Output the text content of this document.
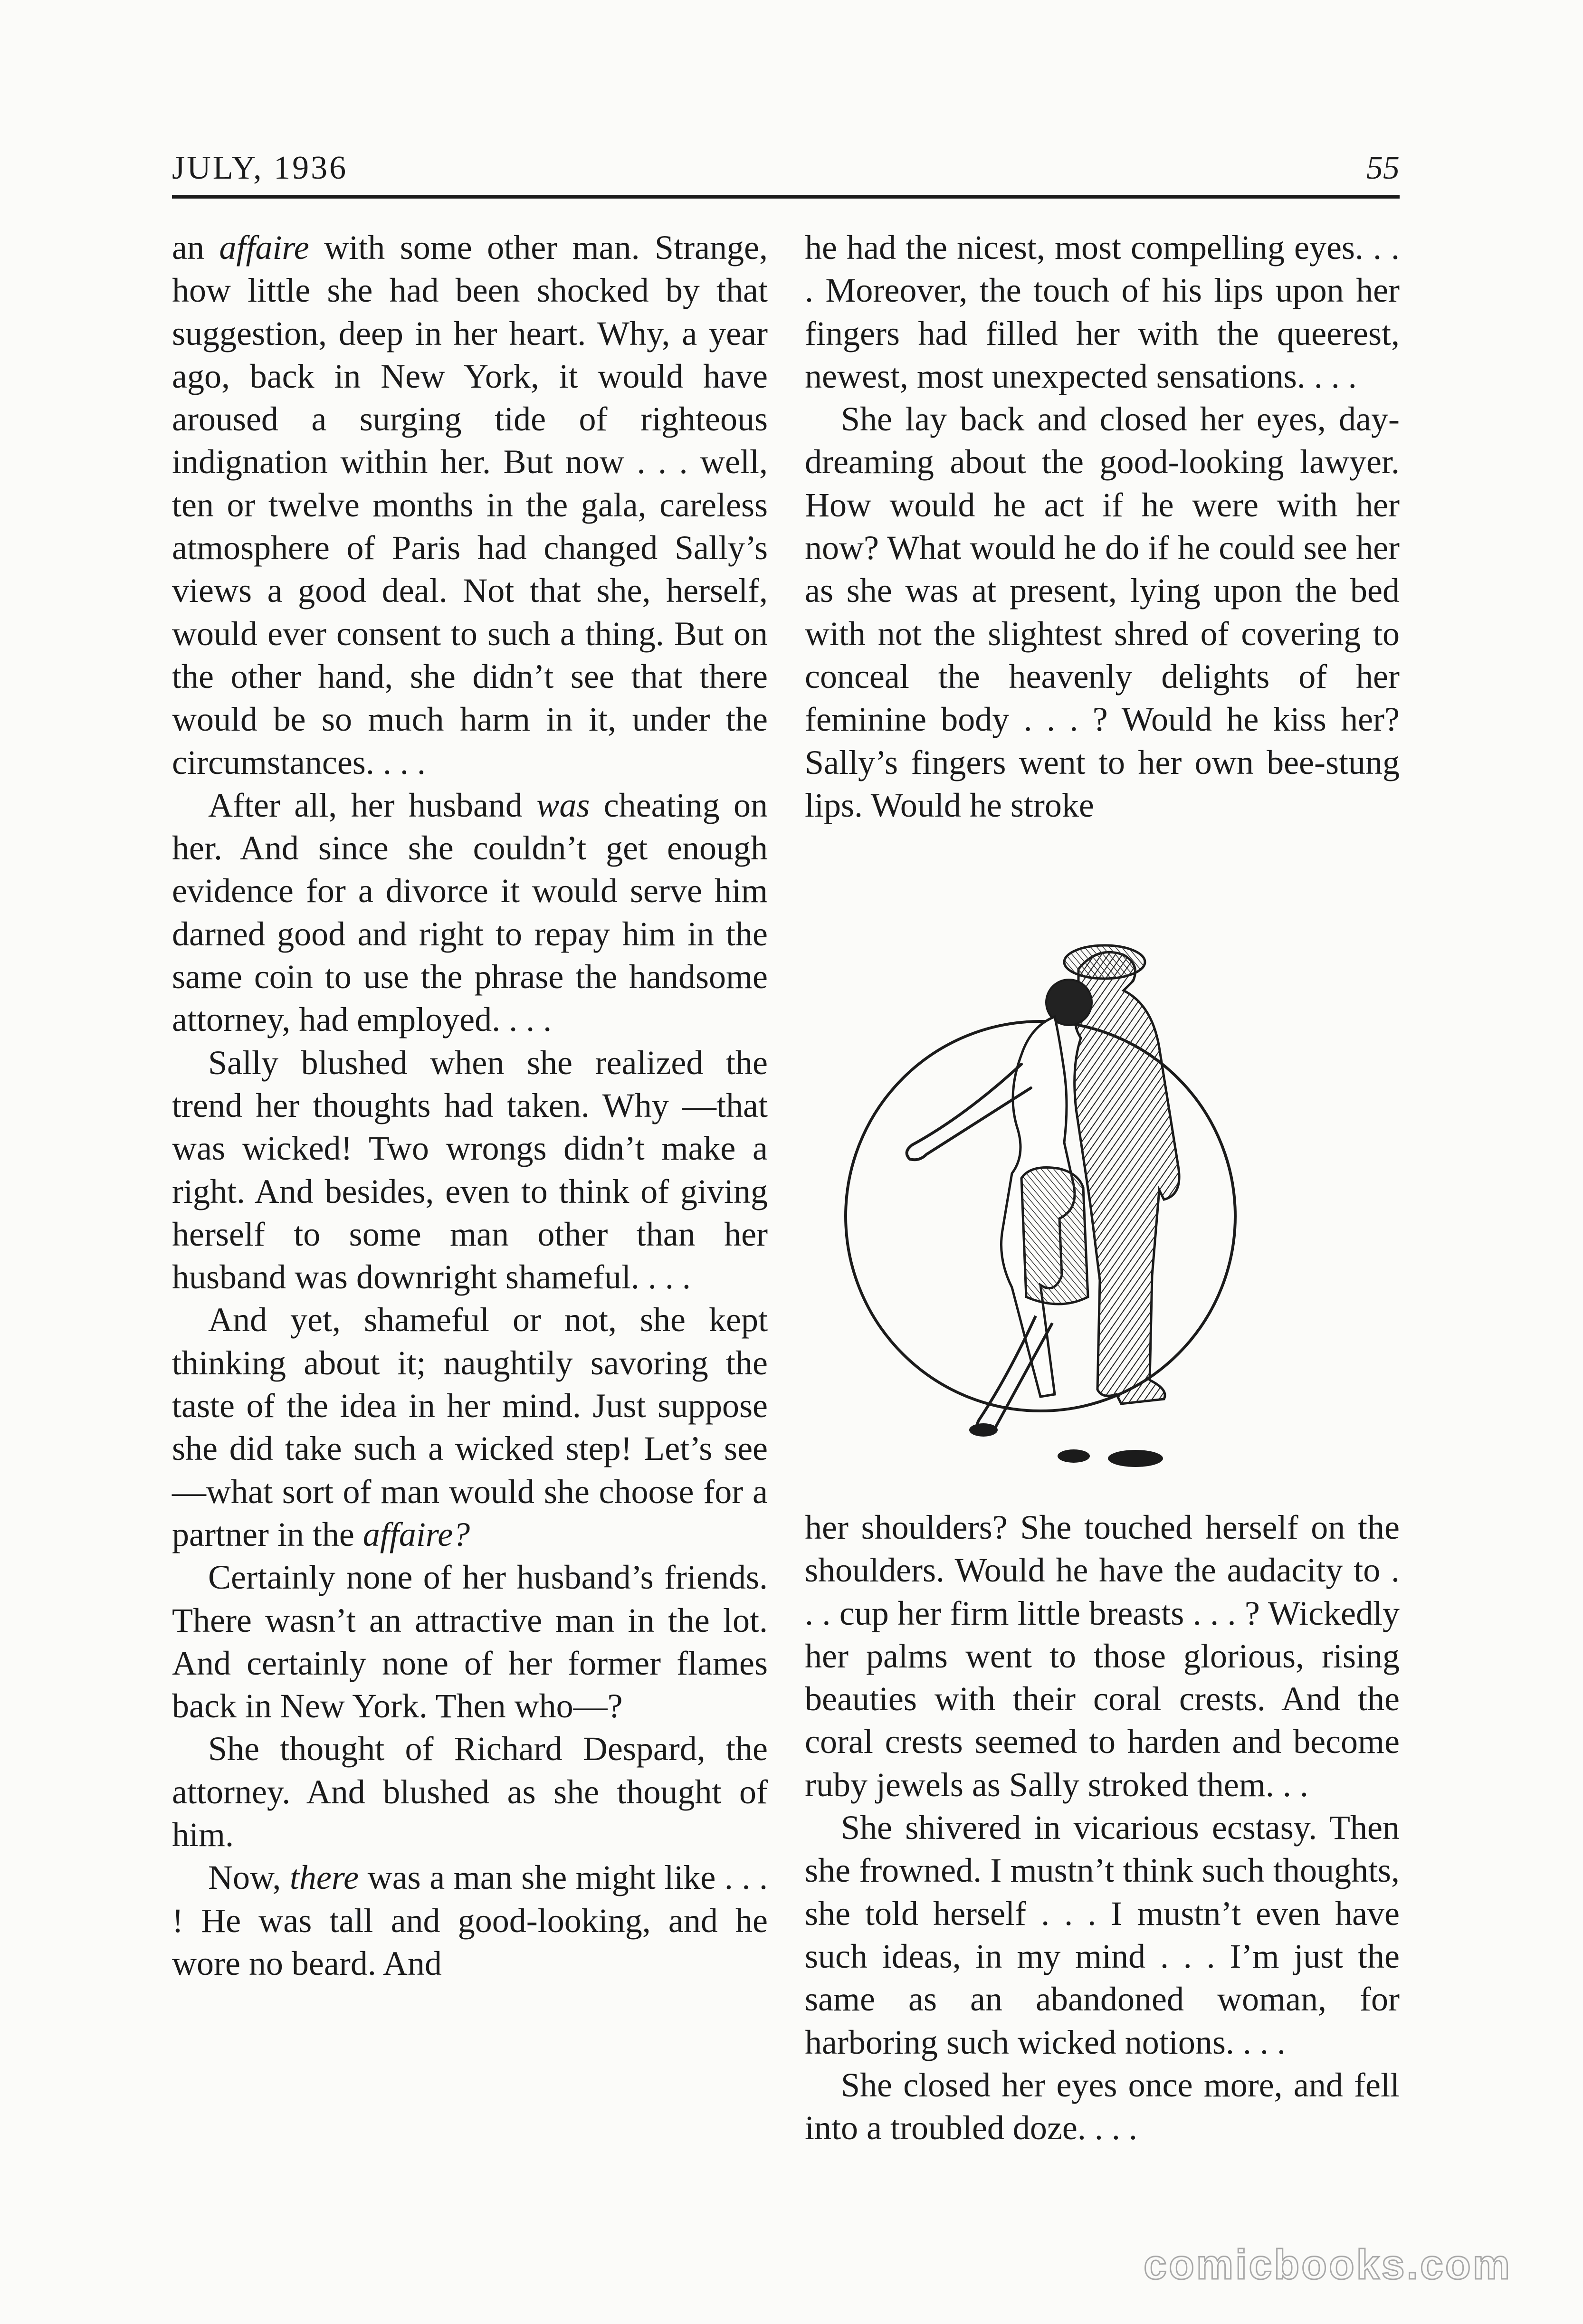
JULY, 1936	55

an affaire with some other man. Strange, how little she had been shocked by that suggestion, deep in her heart. Why, a year ago, back in New York, it would have aroused a surging tide of righteous indignation within her. But now . . . well, ten or twelve months in the gala, careless atmosphere of Paris had changed Sally’s views a good deal. Not that she, herself, would ever consent to such a thing. But on the other hand, she didn’t see that there would be so much harm in it, under the circumstances. . . .

After all, her husband was cheating on her. And since she couldn’t get enough evidence for a divorce it would serve him darned good and right to repay him in the same coin to use the phrase the handsome attorney, had employed. . . .

Sally blushed when she realized the trend her thoughts had taken. Why —that was wicked! Two wrongs didn’t make a right. And besides, even to think of giving herself to some man other than her husband was downright shameful. . . .

And yet, shameful or not, she kept thinking about it; naughtily savoring the taste of the idea in her mind. Just suppose she did take such a wicked step! Let’s see—what sort of man would she choose for a partner in the affaire?

Certainly none of her husband’s friends. There wasn’t an attractive man in the lot. And certainly none of her former flames back in New York. Then who—?

She thought of Richard Despard, the attorney. And blushed as she thought of him.

Now, there was a man she might like . . . ! He was tall and good-looking, and he wore no beard. And

he had the nicest, most compelling eyes. . . . Moreover, the touch of his lips upon her fingers had filled her with the queerest, newest, most unexpected sensations. . . .

She lay back and closed her eyes, day-dreaming about the good-looking lawyer. How would he act if he were with her now? What would he do if he could see her as she was at present, lying upon the bed with not the slightest shred of covering to conceal the heavenly delights of her feminine body . . . ? Would he kiss her? Sally’s fingers went to her own bee-stung lips. Would he stroke

her shoulders? She touched herself on the shoulders. Would he have the audacity to . . . cup her firm little breasts . . . ? Wickedly her palms went to those glorious, rising beauties with their coral crests. And the coral crests seemed to harden and become ruby jewels as Sally stroked them. . .

She shivered in vicarious ecstasy. Then she frowned. I mustn’t think such thoughts, she told herself . . . I mustn’t even have such ideas, in my mind . . . I’m just the same as an abandoned woman, for harboring such wicked notions. . . .

She closed her eyes once more, and fell into a troubled doze. . . .

comicbooks.com
